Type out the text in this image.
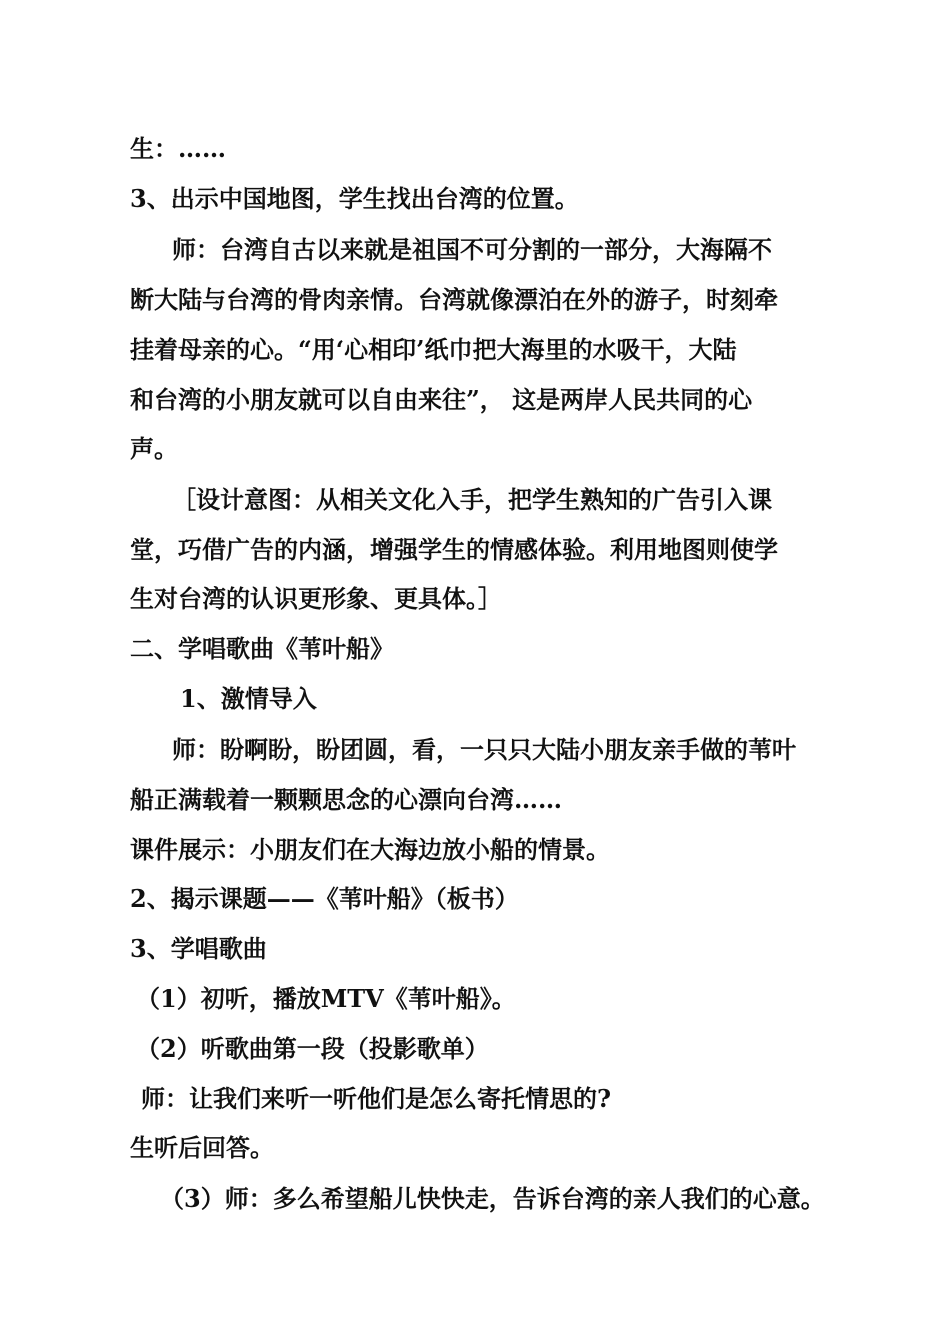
生：……
3、出示中国地图，学生找出台湾的位置。
师：台湾自古以来就是祖国不可分割的一部分，大海隔不
断大陆与台湾的骨肉亲情。台湾就像漂泊在外的游子，时刻牵
挂着母亲的心。“用‘心相印’纸巾把大海里的水吸干，大陆
和台湾的小朋友就可以自由来往”， 这是两岸人民共同的心
声。
［设计意图：从相关文化入手，把学生熟知的广告引入课
堂，巧借广告的内涵，增强学生的情感体验。利用地图则使学
生对台湾的认识更形象、更具体。］
二、学唱歌曲《苇叶船》
1、激情导入
师：盼啊盼，盼团圆，看，一只只大陆小朋友亲手做的苇叶
船正满载着一颗颗思念的心漂向台湾……
课件展示：小朋友们在大海边放小船的情景。
2、揭示课题——《苇叶船》（板书）
3、学唱歌曲
（1）初听，播放MTV《苇叶船》。
（2）听歌曲第一段（投影歌单）
师：让我们来听一听他们是怎么寄托情思的?
生听后回答。
（3）师：多么希望船儿快快走，告诉台湾的亲人我们的心意。
